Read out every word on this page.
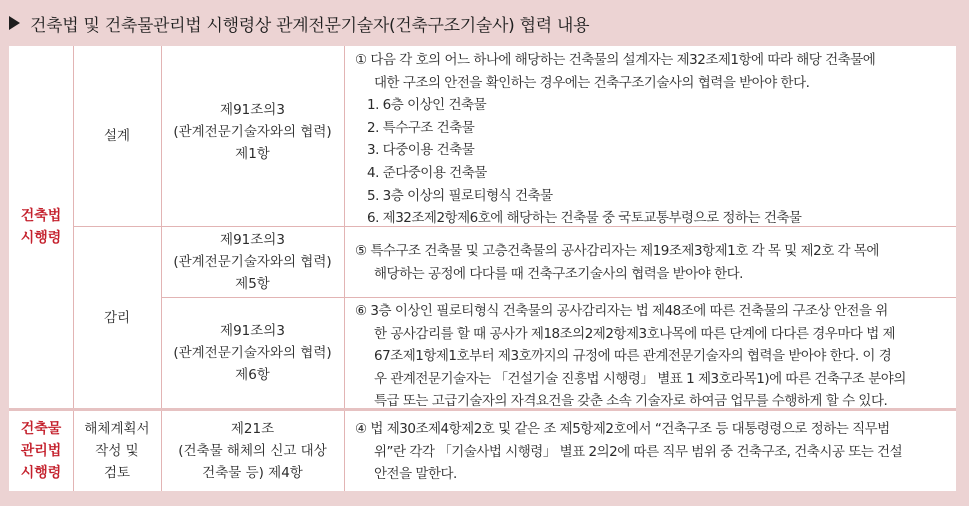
건축법 및 건축물관리법 시행령상 관계전문기술자(건축구조기술사) 협력 내용
건축법
시행령
건축물
관리법
시행령
설계
감리
해체계획서
작성 및
검토
제91조의3
(관계전문기술자와의 협력)
제1항
제91조의3
(관계전문기술자와의 협력)
제5항
제91조의3
(관계전문기술자와의 협력)
제6항
제21조
(건축물 해체의 신고 대상
건축물 등) 제4항
① 다음 각 호의 어느 하나에 해당하는 건축물의 설계자는 제32조제1항에 따라 해당 건축물에
대한 구조의 안전을 확인하는 경우에는 건축구조기술사의 협력을 받아야 한다.
1. 6층 이상인 건축물
2. 특수구조 건축물
3. 다중이용 건축물
4. 준다중이용 건축물
5. 3층 이상의 필로티형식 건축물
6. 제32조제2항제6호에 해당하는 건축물 중 국토교통부령으로 정하는 건축물
⑤ 특수구조 건축물 및 고층건축물의 공사감리자는 제19조제3항제1호 각 목 및 제2호 각 목에
해당하는 공정에 다다를 때 건축구조기술사의 협력을 받아야 한다.
⑥ 3층 이상인 필로티형식 건축물의 공사감리자는 법 제48조에 따른 건축물의 구조상 안전을 위
한 공사감리를 할 때 공사가 제18조의2제2항제3호나목에 따른 단계에 다다른 경우마다 법 제
67조제1항제1호부터 제3호까지의 규정에 따른 관계전문기술자의 협력을 받아야 한다. 이 경
우 관계전문기술자는 「건설기술 진흥법 시행령」 별표 1 제3호라목1)에 따른 건축구조 분야의
특급 또는 고급기술자의 자격요건을 갖춘 소속 기술자로 하여금 업무를 수행하게 할 수 있다.
④ 법 제30조제4항제2호 및 같은 조 제5항제2호에서 “건축구조 등 대통령령으로 정하는 직무범
위”란 각각 「기술사법 시행령」 별표 2의2에 따른 직무 범위 중 건축구조, 건축시공 또는 건설
안전을 말한다.
